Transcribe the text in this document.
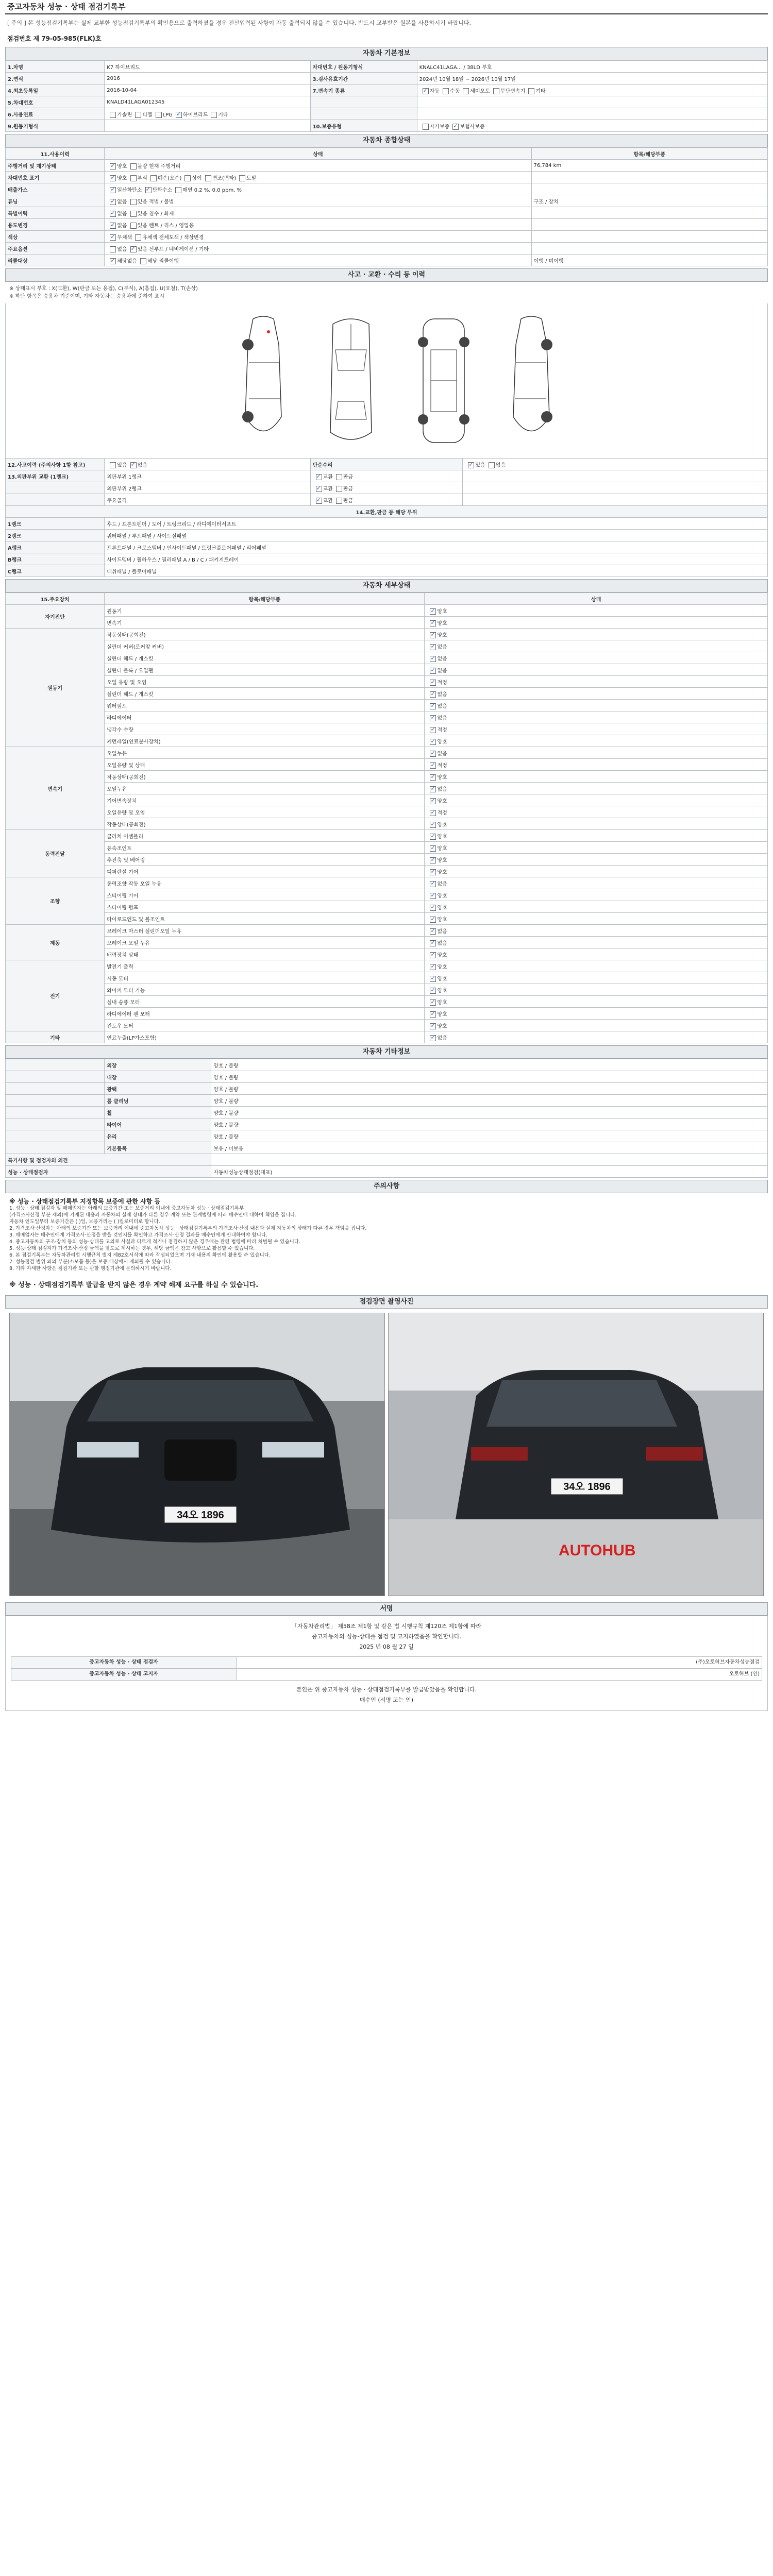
중고자동차 성능 · 상태 점검기록부
[ 주의 ] 본 성능점검기록부는 실제 교부한 성능점검기록부의 확인용으로 출력하셨을 경우 전산입력된 사항이 자동 출력되지 않을 수 있습니다. 반드시 교부받은 원본을 사용하시기 바랍니다.
점검번호 제 79-05-985(FLK)호
자동차 기본정보
1.차명	K7 하이브리드	차대번호 / 원동기형식	KNALC41LAGA... / 38LD 부호
2.연식	2016	3.검사유효기간	2024년 10월 18일 ~ 2026년 10월 17일
4.최초등록일	2016-10-04	7.변속기 종류	✓자동 수동 세미오토 무단변속기 기타
5.차대번호	KNALD41LAGA012345		
6.사용연료	가솔린 디젤 LPG ✓ 하이브리드 기타		
9.원동기형식		10.보증유형	자가보증 ✓ 보험사보증
자동차 종합상태
11.사용이력	상태	항목/해당부품
주행거리 및 계기상태	✓양호 불량 현재 주행거리	76,784 km
차대번호 표기	✓양호 부식 훼손(오손) 상이 변조(변타) 도말	
배출가스	✓일산화탄소 ✓ 탄화수소 매연 0.2 %, 0.0 ppm, %	
튜닝	✓없음 있음 적법 / 불법	구조 / 장치
특별이력	✓없음 있음 침수 / 화재	
용도변경	✓없음 있음 렌트 / 리스 / 영업용	
색상	✓무채색 유채색 전체도색 / 색상변경	
주요옵션	없음 ✓ 있음 선루프 / 네비게이션 / 기타	
리콜대상	✓해당없음 해당 리콜이행	이행 / 미이행
사고 · 교환 · 수리 등 이력
※ 상태표시 부호 : X(교환), W(판금 또는 용접), C(부식), A(흠집), U(요철), T(손상)
※ 하단 항목은 승용차 기준이며, 기타 자동차는 승용차에 준하여 표시
12.사고이력 (주의사항 1항 참고)	있음 ✓ 없음	단순수리	✓있음 없음
13.외판부위 교환 (1랭크)	외판부위 1랭크	✓교환 판금	
	외판부위 2랭크	✓교환 판금	
	주요골격	✓교환 판금	
14.교환,판금 등 해당 부위			
1랭크	후드 / 프론트펜더 / 도어 / 트렁크리드 / 라디에이터서포트		
2랭크	쿼터패널 / 루프패널 / 사이드실패널		
A랭크	프론트패널 / 크로스멤버 / 인사이드패널 / 트렁크플로어패널 / 리어패널		
B랭크	사이드멤버 / 휠하우스 / 필러패널 A / B / C / 패키지트레이		
C랭크	대쉬패널 / 플로어패널		
자동차 세부상태
15.주요장치	항목/해당부품	상태
자기진단	원동기	✓양호
	변속기	✓양호
원동기	작동상태(공회전)	✓양호
	실린더 커버(로커암 커버)	✓없음
	실린더 헤드 / 개스킷	✓없음
	실린더 블록 / 오일팬	✓없음
	오일 유량 및 오염	✓적정
	실린더 헤드 / 개스킷	✓없음
	워터펌프	✓없음
	라디에이터	✓없음
	냉각수 수량	✓적정
	커먼레일(연료분사장치)	✓양호
변속기	오일누유	✓없음
	오일유량 및 상태	✓적정
	작동상태(공회전)	✓양호
	오일누유	✓없음
	기어변속장치	✓양호
	오일유량 및 오염	✓적정
	작동상태(공회전)	✓양호
동력전달	클러치 어셈블리	✓양호
	등속조인트	✓양호
	추진축 및 베어링	✓양호
	디퍼렌셜 기어	✓양호
조향	동력조향 작동 오일 누유	✓없음
	스티어링 기어	✓양호
	스티어링 펌프	✓양호
	타이로드엔드 및 볼조인트	✓양호
제동	브레이크 마스터 실린더오일 누유	✓없음
	브레이크 오일 누유	✓없음
	배력장치 상태	✓양호
전기	발전기 출력	✓양호
	시동 모터	✓양호
	와이퍼 모터 기능	✓양호
	실내 송풍 모터	✓양호
	라디에이터 팬 모터	✓양호
	윈도우 모터	✓양호
기타	연료누출(LP가스포함)	✓없음
자동차 기타정보
	외장	양호 / 불량
	내장	양호 / 불량
	광택	양호 / 불량
	룸 클리닝	양호 / 불량
	휠	양호 / 불량
	타이어	양호 / 불량
	유리	양호 / 불량
	기본품목	보유 / 미보유
특기사항 및 점검자의 의견		
성능 · 상태점검자		자동차성능상태점검(대표)
주의사항
※ 성능 · 상태점검기록부 지정항목 보증에 관한 사항 등
1. 성능 · 상태 점검자 및 매매업자는 아래의 보증기간 또는 보증거리 이내에 중고자동차 성능 · 상태점검기록부
(가격조사산정 부분 제외)에 기재된 내용과 자동차의 실제 상태가 다른 경우 계약 또는 관계법령에 따라 매수인에 대하여 책임을 집니다.
자동차 인도일부터 보증기간은 ( )일, 보증거리는 ( )킬로미터로 합니다.
2. 가격조사·산정자는 아래의 보증기간 또는 보증거리 이내에 중고자동차 성능 · 상태점검기록부의 가격조사·산정 내용과 실제 자동차의 상태가 다른 경우 책임을 집니다.
3. 매매업자는 매수인에게 가격조사·산정을 받을 것인지를 확인하고 가격조사·산정 결과를 매수인에게 안내하여야 합니다.
4. 중고자동차의 구조·장치 등의 성능·상태를 고의로 사실과 다르게 적거나 점검하지 않은 경우에는 관련 법령에 따라 처벌될 수 있습니다.
5. 성능·상태 점검자가 가격조사·산정 금액을 별도로 제시하는 경우, 해당 금액은 참고 사항으로 활용할 수 있습니다.
6. 본 점검기록부는 자동차관리법 시행규칙 별지 제82호서식에 따라 작성되었으며 기재 내용의 확인에 활용할 수 있습니다.
7. 성능점검 범위 외의 부분(소모품 등)은 보증 대상에서 제외될 수 있습니다.
8. 기타 자세한 사항은 점검기관 또는 관할 행정기관에 문의하시기 바랍니다.
※ 성능 · 상태점검기록부 발급을 받지 않은 경우 계약 해제 요구를 하실 수 있습니다.
점검장면 촬영사진
34오 1896
34오 1896
AUTOHUB
서명
「자동차관리법」 제58조 제1항 및 같은 법 시행규칙 제120조 제1항에 따라
중고자동차의 성능·상태를 점검 및 고지하였음을 확인합니다.
2025 년 08 월 27 일
중고자동차 성능 · 상태 점검자	(주)오토허브자동차성능점검
중고자동차 성능 · 상태 고지자	오토허브 (인)
본인은 위 중고자동차 성능 · 상태점검기록부를 발급받았음을 확인합니다.
매수인 (서명 또는 인)
